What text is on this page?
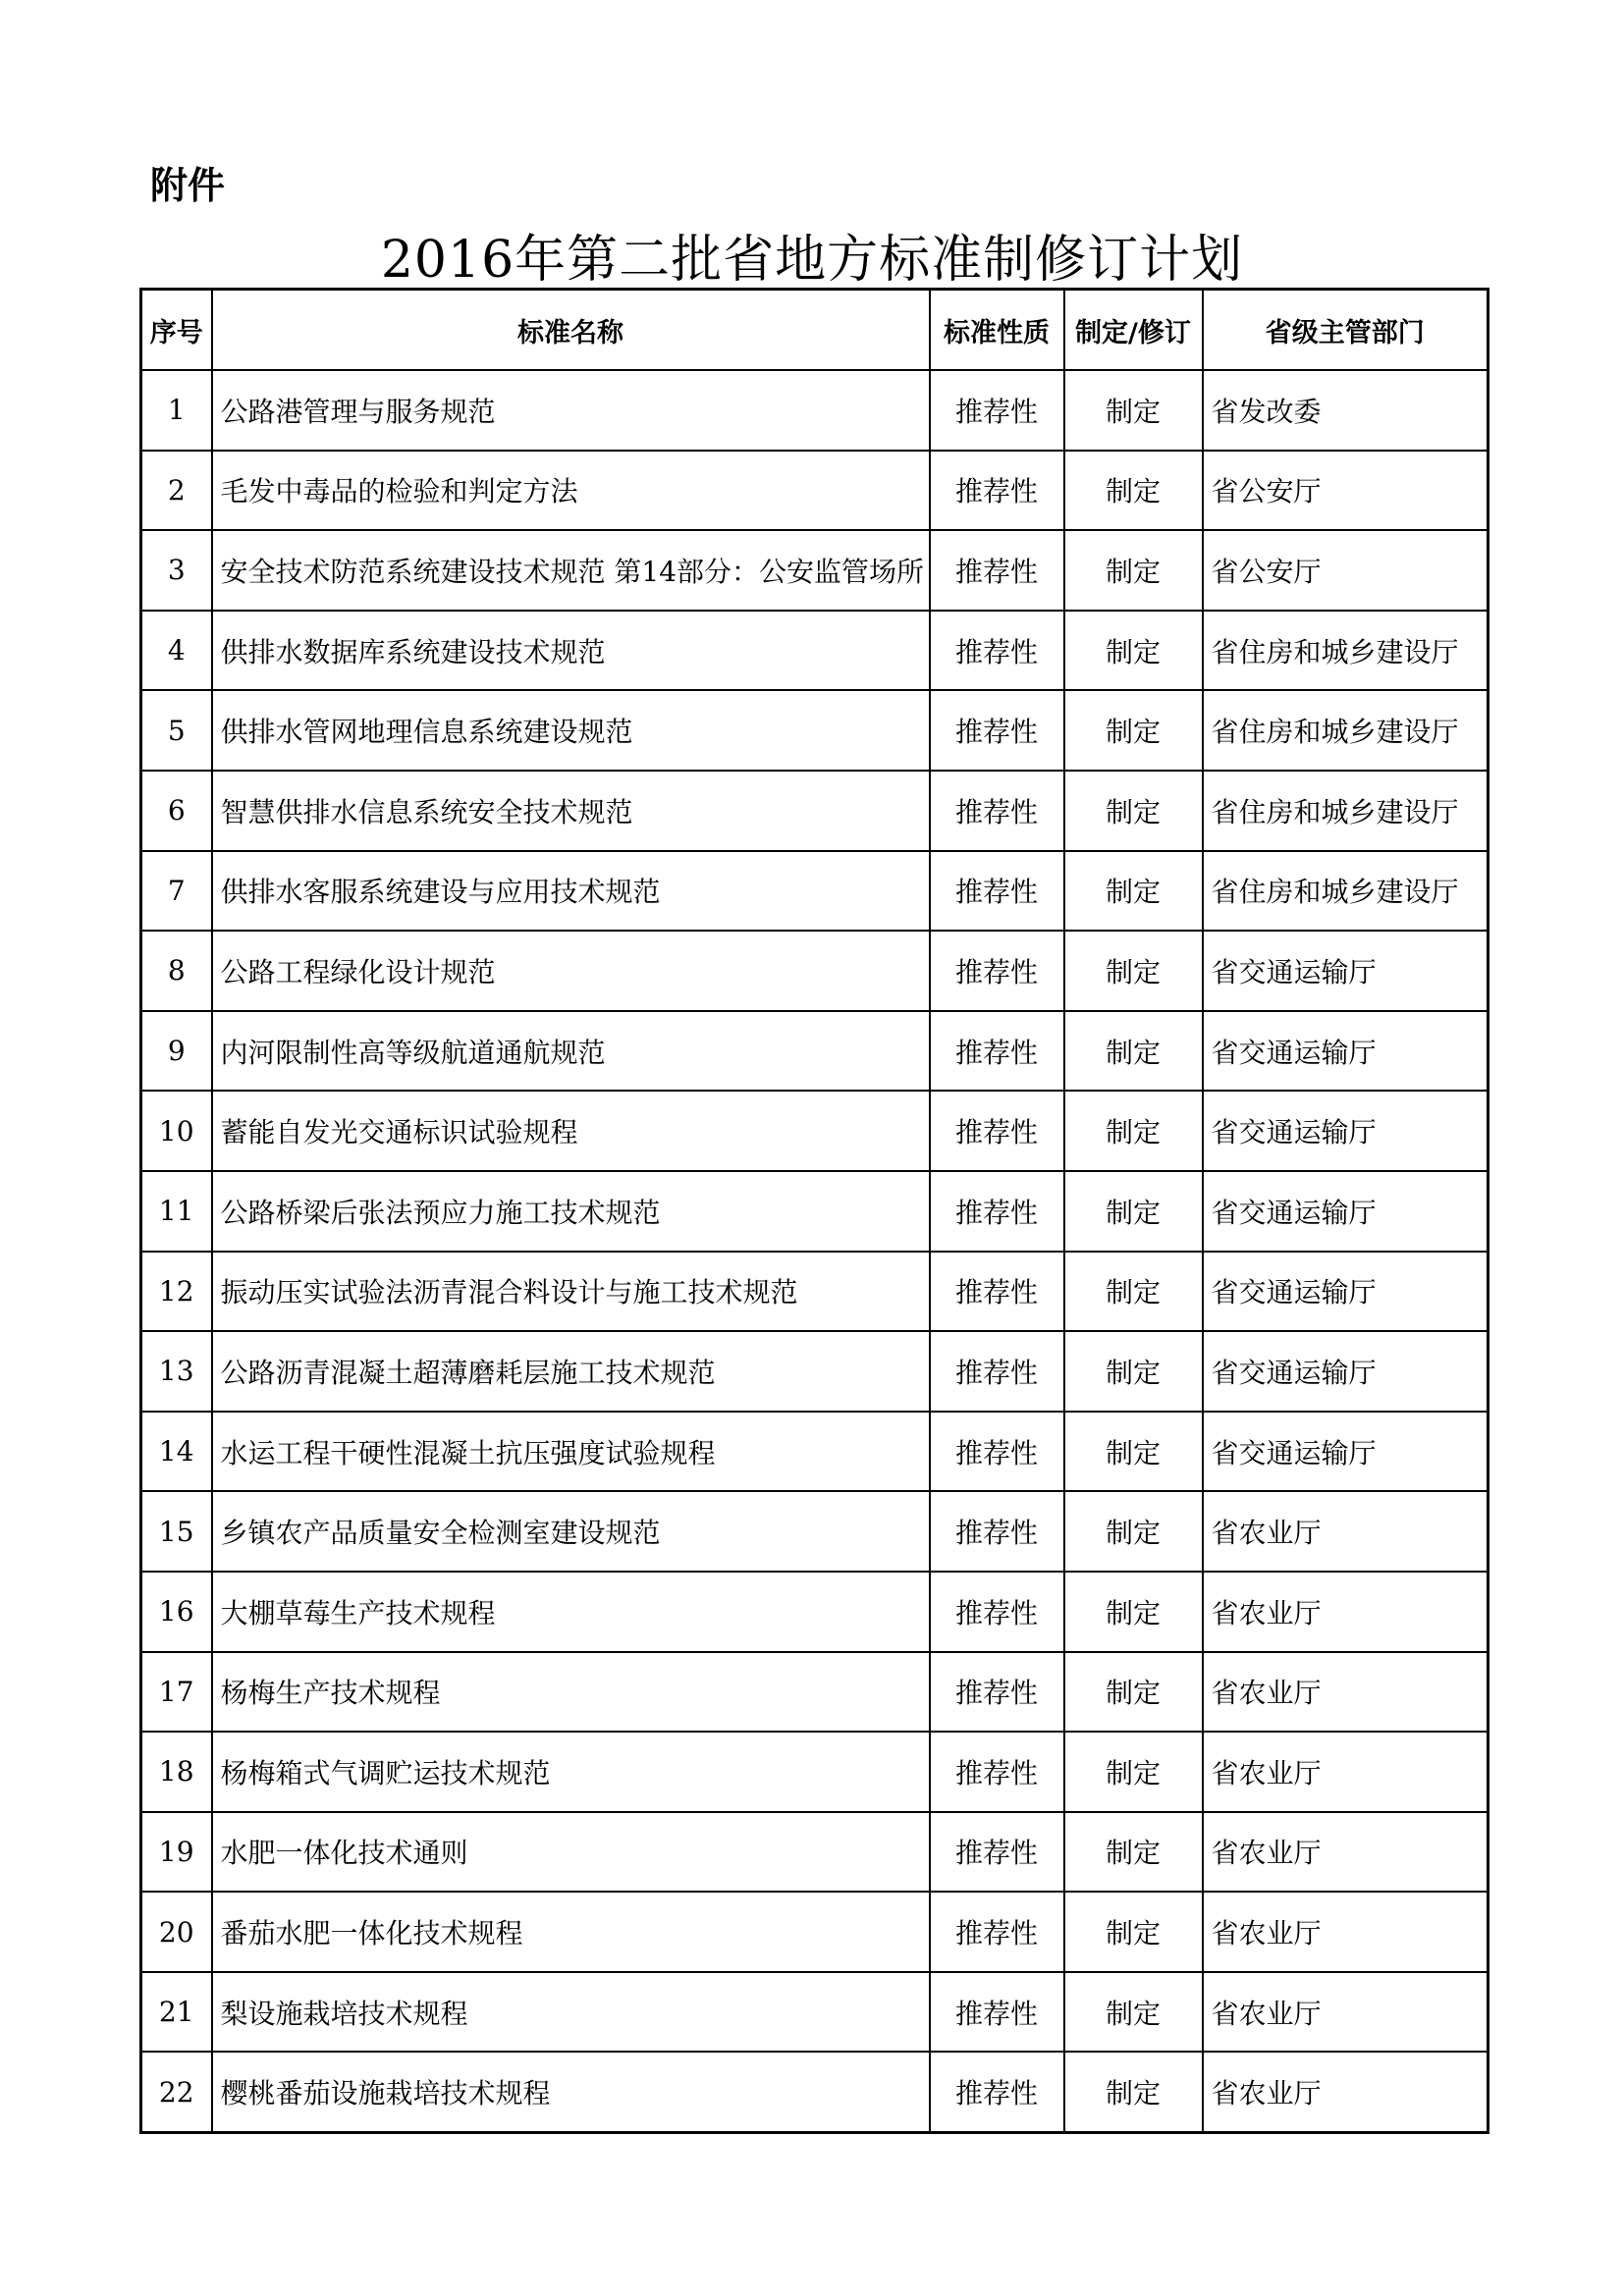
附件
2016年第二批省地方标准制修订计划
序号	标准名称	标准性质	制定/修订	省级主管部门
1	公路港管理与服务规范	推荐性	制定	省发改委
2	毛发中毒品的检验和判定方法	推荐性	制定	省公安厅
3	安全技术防范系统建设技术规范 第14部分：公安监管场所	推荐性	制定	省公安厅
4	供排水数据库系统建设技术规范	推荐性	制定	省住房和城乡建设厅
5	供排水管网地理信息系统建设规范	推荐性	制定	省住房和城乡建设厅
6	智慧供排水信息系统安全技术规范	推荐性	制定	省住房和城乡建设厅
7	供排水客服系统建设与应用技术规范	推荐性	制定	省住房和城乡建设厅
8	公路工程绿化设计规范	推荐性	制定	省交通运输厅
9	内河限制性高等级航道通航规范	推荐性	制定	省交通运输厅
10	蓄能自发光交通标识试验规程	推荐性	制定	省交通运输厅
11	公路桥梁后张法预应力施工技术规范	推荐性	制定	省交通运输厅
12	振动压实试验法沥青混合料设计与施工技术规范	推荐性	制定	省交通运输厅
13	公路沥青混凝土超薄磨耗层施工技术规范	推荐性	制定	省交通运输厅
14	水运工程干硬性混凝土抗压强度试验规程	推荐性	制定	省交通运输厅
15	乡镇农产品质量安全检测室建设规范	推荐性	制定	省农业厅
16	大棚草莓生产技术规程	推荐性	制定	省农业厅
17	杨梅生产技术规程	推荐性	制定	省农业厅
18	杨梅箱式气调贮运技术规范	推荐性	制定	省农业厅
19	水肥一体化技术通则	推荐性	制定	省农业厅
20	番茄水肥一体化技术规程	推荐性	制定	省农业厅
21	梨设施栽培技术规程	推荐性	制定	省农业厅
22	樱桃番茄设施栽培技术规程	推荐性	制定	省农业厅
